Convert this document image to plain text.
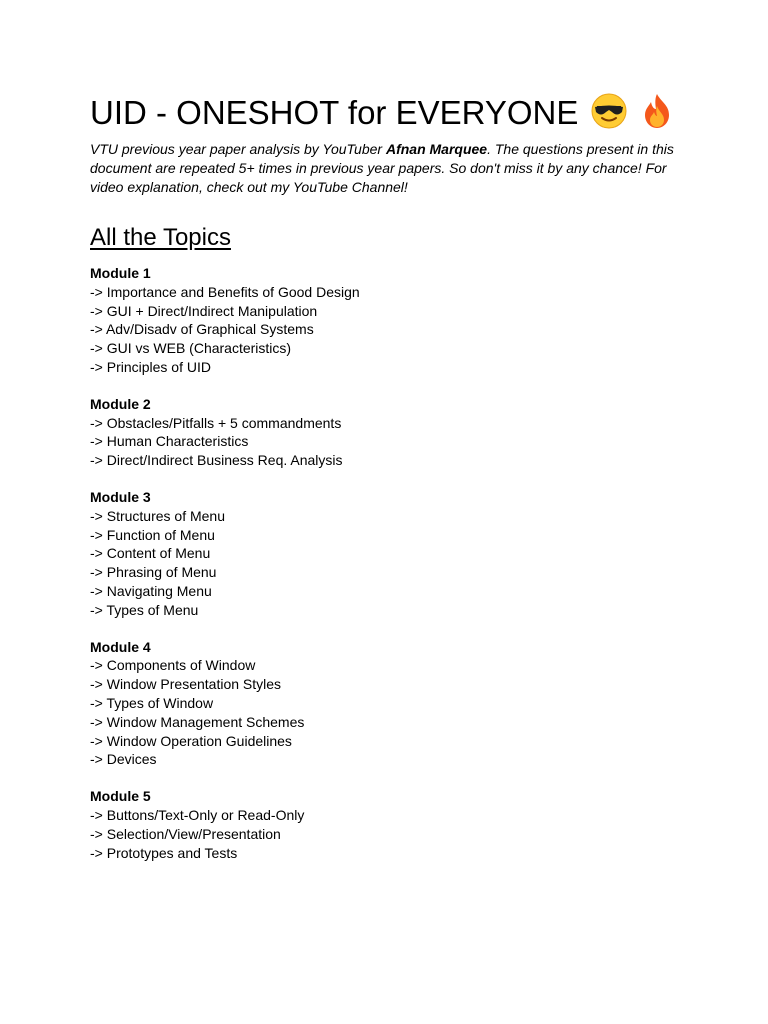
UID - ONESHOT for EVERYONE

VTU previous year paper analysis by YouTuber Afnan Marquee. The questions present in this document are repeated 5+ times in previous year papers. So don't miss it by any chance! For video explanation, check out my YouTube Channel!

All the Topics

Module 1

-> Importance and Benefits of Good Design
-> GUI + Direct/Indirect Manipulation
-> Adv/Disadv of Graphical Systems
-> GUI vs WEB (Characteristics)
-> Principles of UID

Module 2

-> Obstacles/Pitfalls + 5 commandments
-> Human Characteristics
-> Direct/Indirect Business Req. Analysis

Module 3

-> Structures of Menu
-> Function of Menu
-> Content of Menu
-> Phrasing of Menu
-> Navigating Menu
-> Types of Menu

Module 4

-> Components of Window
-> Window Presentation Styles
-> Types of Window
-> Window Management Schemes
-> Window Operation Guidelines
-> Devices

Module 5

-> Buttons/Text-Only or Read-Only
-> Selection/View/Presentation
-> Prototypes and Tests
